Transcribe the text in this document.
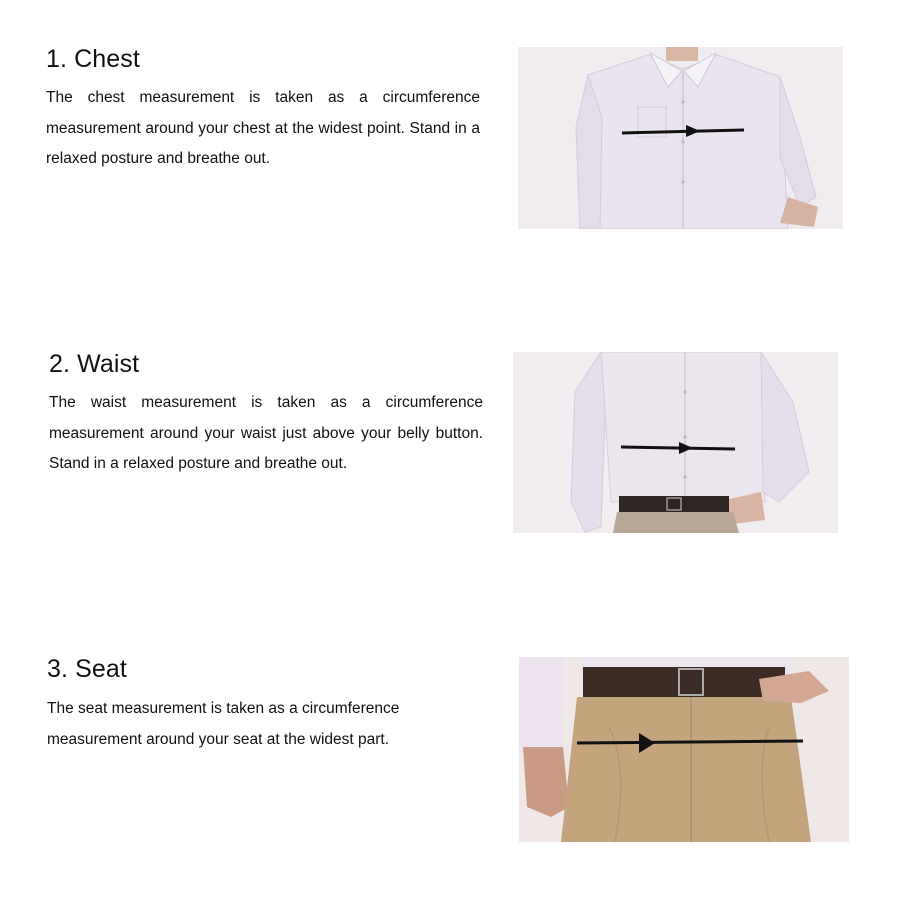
1. Chest

The chest measurement is taken as a circumference measurement around your chest at the widest point. Stand in a relaxed posture and breathe out.

2. Waist

The waist measurement is taken as a circumference measurement around your waist just above your belly button. Stand in a relaxed posture and breathe out.

3. Seat

The seat measurement is taken as a circumference measurement around your seat at the widest part.
